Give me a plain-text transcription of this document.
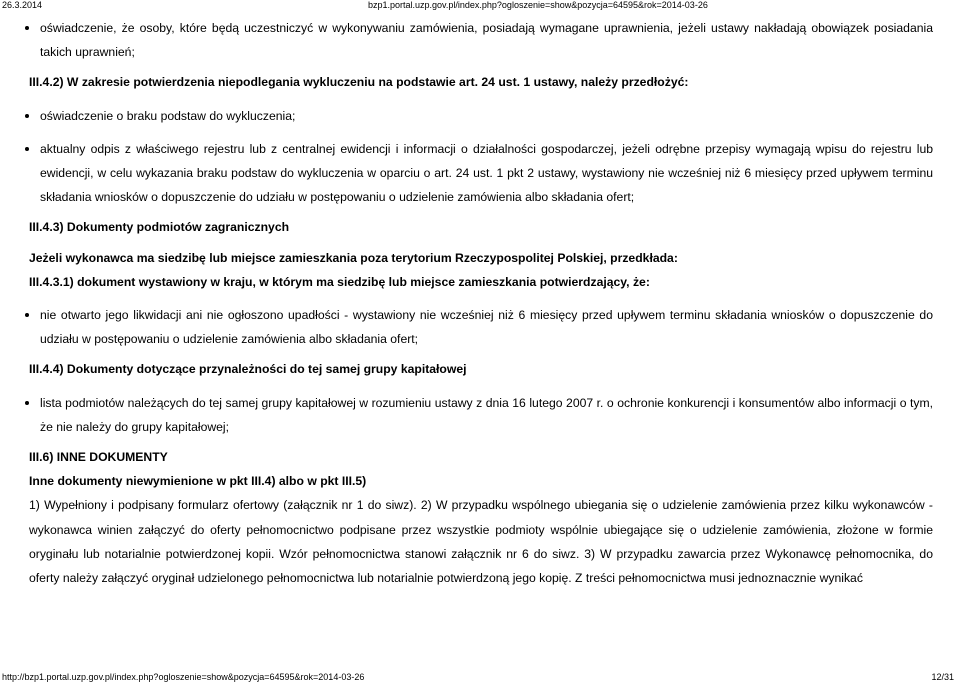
26.3.2014	bzp1.portal.uzp.gov.pl/index.php?ogloszenie=show&pozycja=64595&rok=2014-03-26
oświadczenie, że osoby, które będą uczestniczyć w wykonywaniu zamówienia, posiadają wymagane uprawnienia, jeżeli ustawy nakładają obowiązek posiadania takich uprawnień;

III.4.2) W zakresie potwierdzenia niepodlegania wykluczeniu na podstawie art. 24 ust. 1 ustawy, należy przedłożyć:

oświadczenie o braku podstaw do wykluczenia;
aktualny odpis z właściwego rejestru lub z centralnej ewidencji i informacji o działalności gospodarczej, jeżeli odrębne przepisy wymagają wpisu do rejestru lub ewidencji, w celu wykazania braku podstaw do wykluczenia w oparciu o art. 24 ust. 1 pkt 2 ustawy, wystawiony nie wcześniej niż 6 miesięcy przed upływem terminu składania wniosków o dopuszczenie do udziału w postępowaniu o udzielenie zamówienia albo składania ofert;

III.4.3) Dokumenty podmiotów zagranicznych

Jeżeli wykonawca ma siedzibę lub miejsce zamieszkania poza terytorium Rzeczypospolitej Polskiej, przedkłada:

III.4.3.1) dokument wystawiony w kraju, w którym ma siedzibę lub miejsce zamieszkania potwierdzający, że:

nie otwarto jego likwidacji ani nie ogłoszono upadłości - wystawiony nie wcześniej niż 6 miesięcy przed upływem terminu składania wniosków o dopuszczenie do udziału w postępowaniu o udzielenie zamówienia albo składania ofert;

III.4.4) Dokumenty dotyczące przynależności do tej samej grupy kapitałowej

lista podmiotów należących do tej samej grupy kapitałowej w rozumieniu ustawy z dnia 16 lutego 2007 r. o ochronie konkurencji i konsumentów albo informacji o tym, że nie należy do grupy kapitałowej;

III.6) INNE DOKUMENTY

Inne dokumenty niewymienione w pkt III.4) albo w pkt III.5)

1) Wypełniony i podpisany formularz ofertowy (załącznik nr 1 do siwz). 2) W przypadku wspólnego ubiegania się o udzielenie zamówienia przez kilku wykonawców - wykonawca winien załączyć do oferty pełnomocnictwo podpisane przez wszystkie podmioty wspólnie ubiegające się o udzielenie zamówienia, złożone w formie oryginału lub notarialnie potwierdzonej kopii. Wzór pełnomocnictwa stanowi załącznik nr 6 do siwz. 3) W przypadku zawarcia przez Wykonawcę pełnomocnika, do oferty należy załączyć oryginał udzielonego pełnomocnictwa lub notarialnie potwierdzoną jego kopię. Z treści pełnomocnictwa musi jednoznacznie wynikać

http://bzp1.portal.uzp.gov.pl/index.php?ogloszenie=show&pozycja=64595&rok=2014-03-26	12/31
